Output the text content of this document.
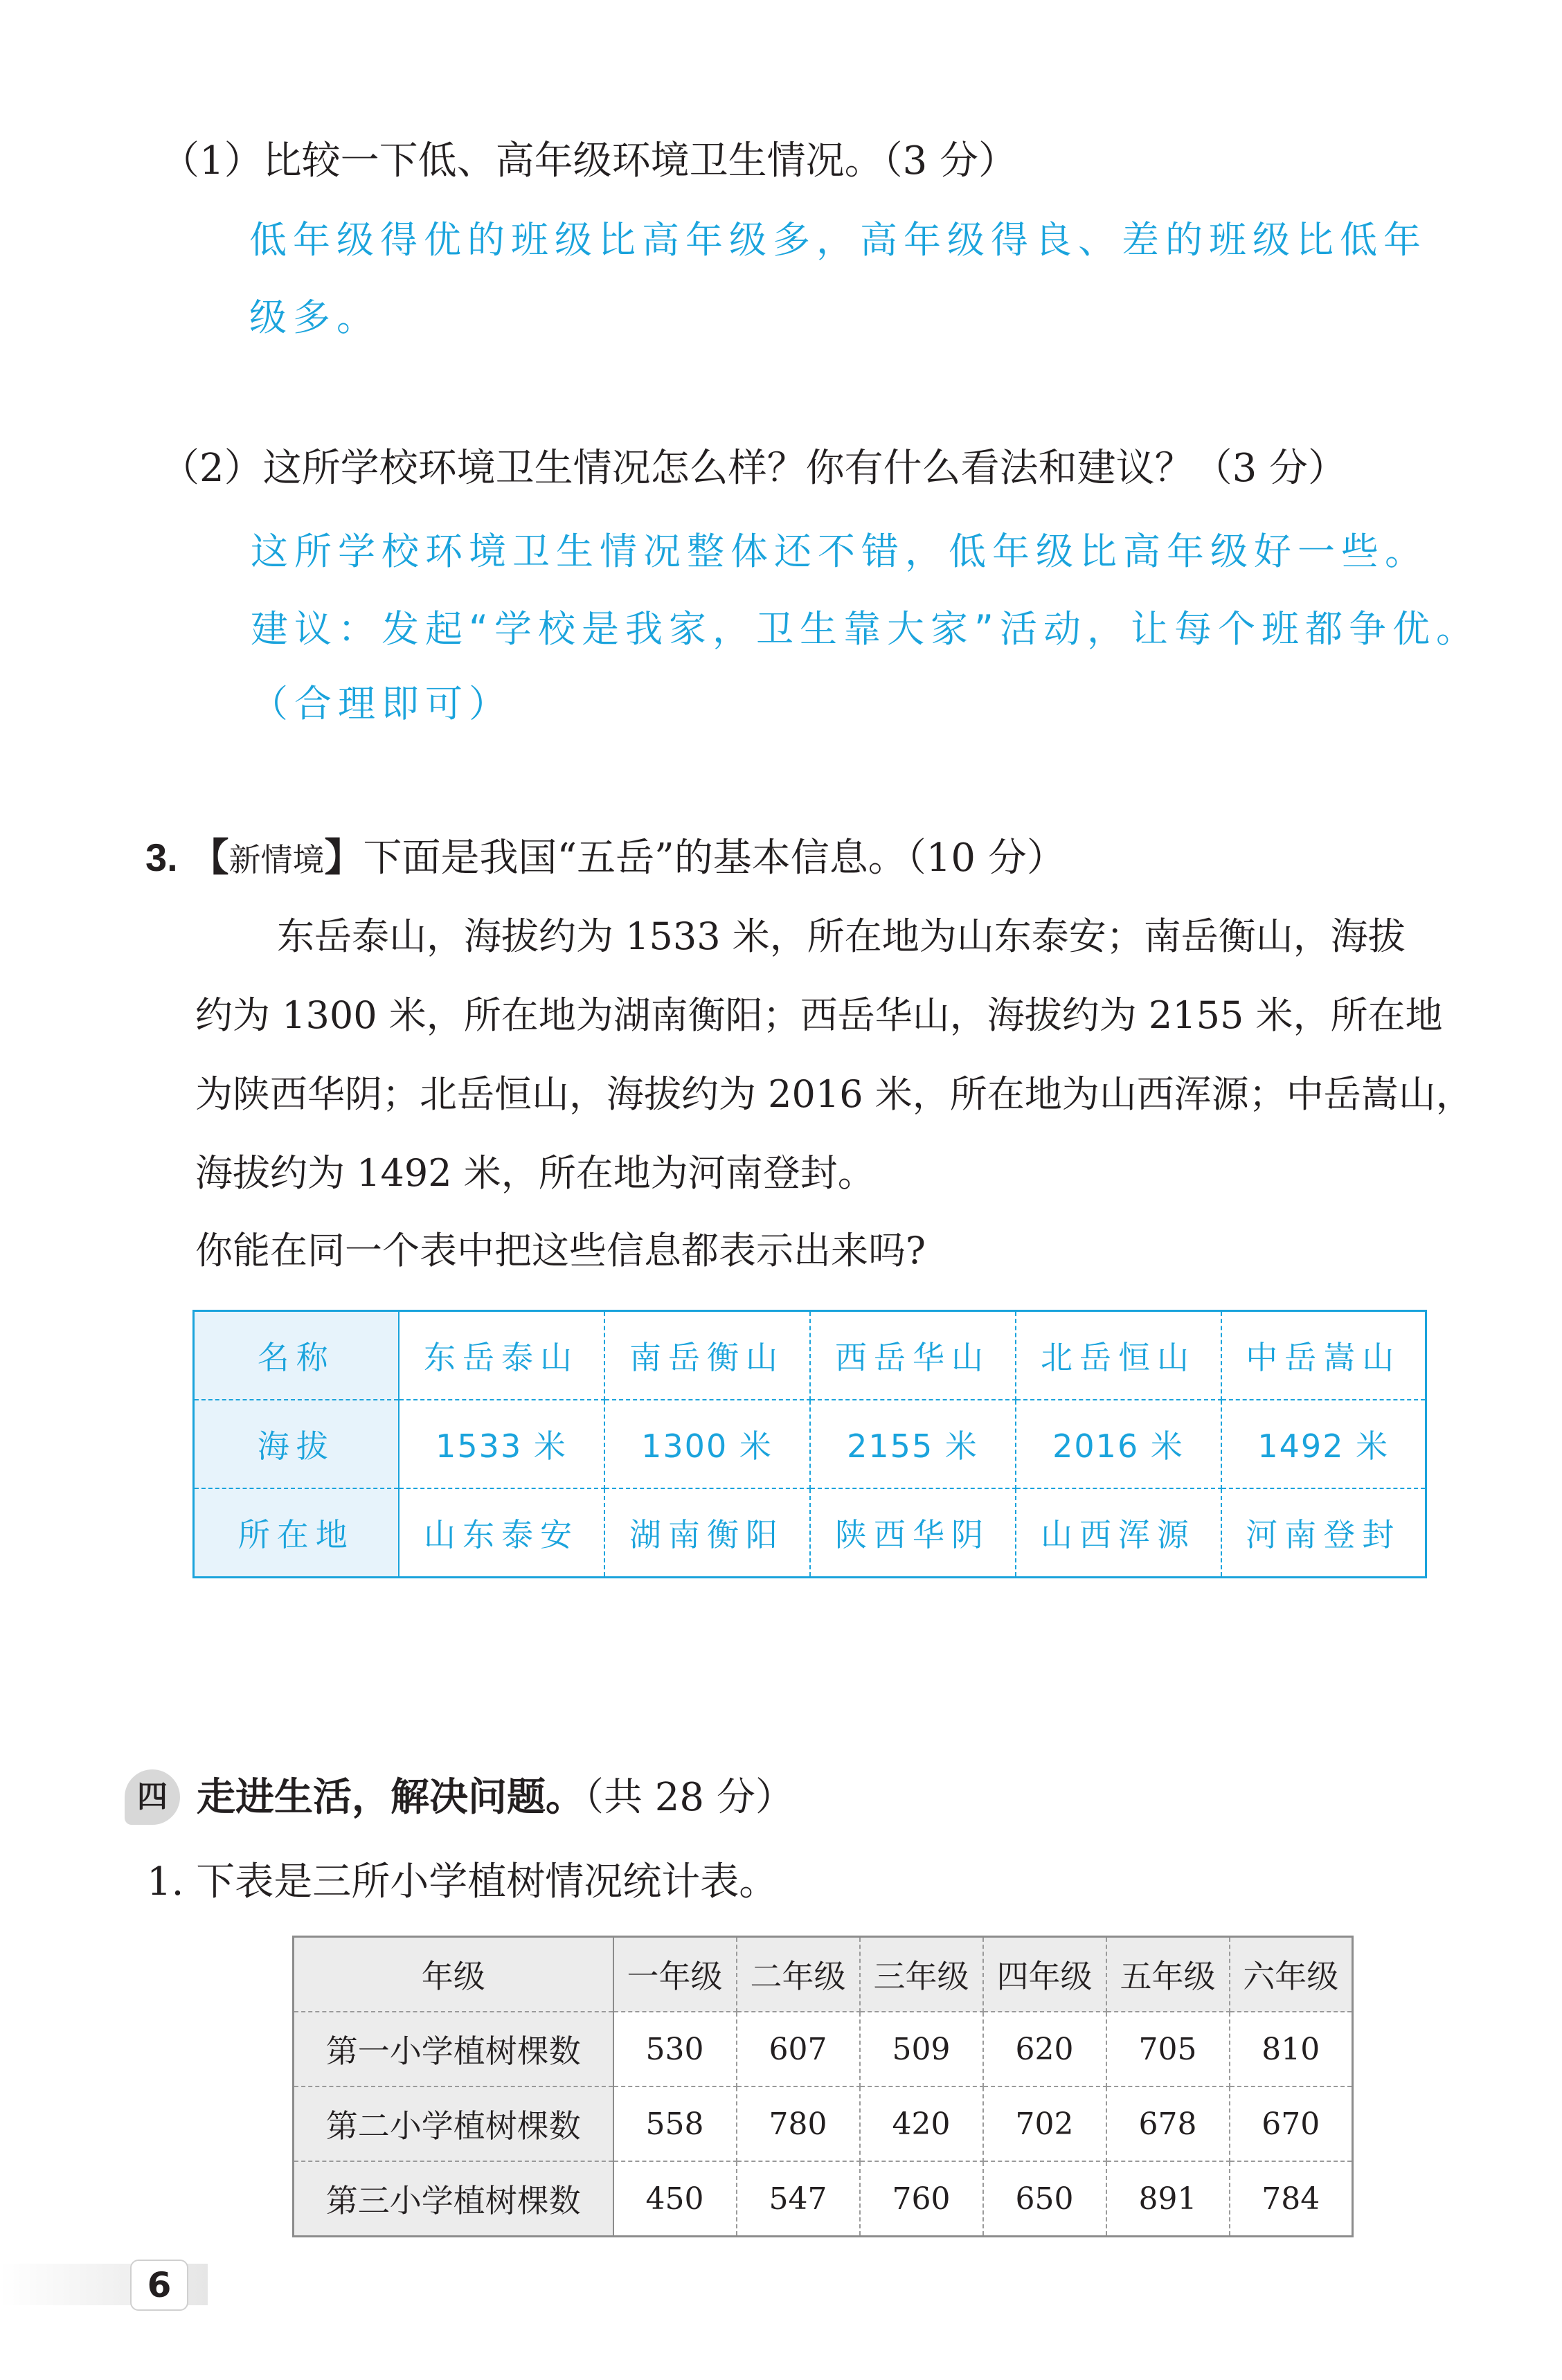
（1）比较一下低、高年级环境卫生情况。（3 分）
低年级得优的班级比高年级多，高年级得良、差的班级比低年
级多。
（2）这所学校环境卫生情况怎么样？你有什么看法和建议？（3 分）
这所学校环境卫生情况整体还不错，低年级比高年级好一些。
建议：发起“学校是我家，卫生靠大家”活动，让每个班都争优。
（合理即可）
3. 【新情境】下面是我国“五岳”的基本信息。（10 分）
东岳泰山，海拔约为 1533 米，所在地为山东泰安；南岳衡山，海拔
约为 1300 米，所在地为湖南衡阳；西岳华山，海拔约为 2155 米，所在地
为陕西华阴；北岳恒山，海拔约为 2016 米，所在地为山西浑源；中岳嵩山，
海拔约为 1492 米，所在地为河南登封。
你能在同一个表中把这些信息都表示出来吗?
名称	东岳泰山	南岳衡山	西岳华山	北岳恒山	中岳嵩山
海拔	1533 米	1300 米	2155 米	2016 米	1492 米
所在地	山东泰安	湖南衡阳	陕西华阴	山西浑源	河南登封
四 走进生活，解决问题。（共 28 分）
1. 下表是三所小学植树情况统计表。
年级	一年级	二年级	三年级	四年级	五年级	六年级
第一小学植树棵数	530	607	509	620	705	810
第二小学植树棵数	558	780	420	702	678	670
第三小学植树棵数	450	547	760	650	891	784
6
